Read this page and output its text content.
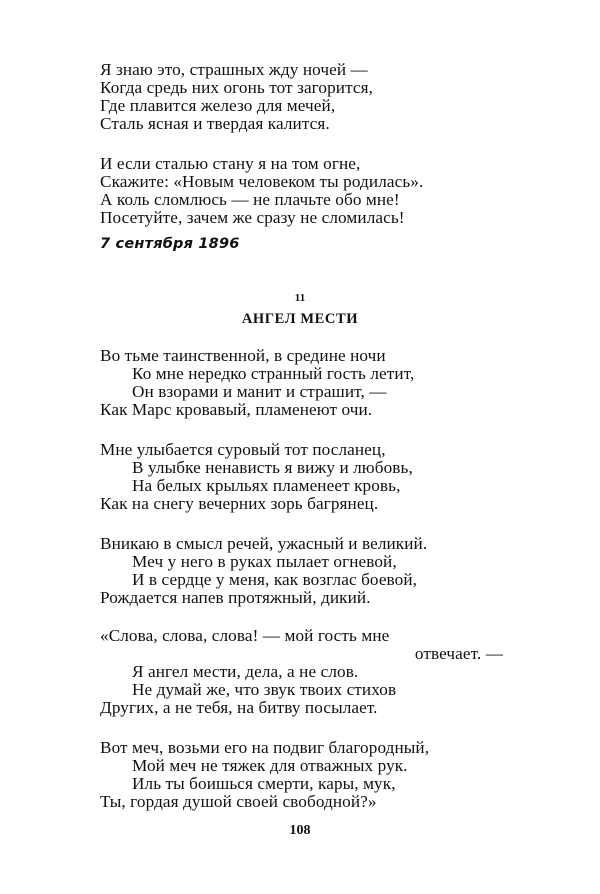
Я знаю это, страшных жду ночей —
Когда средь них огонь тот загорится,
Где плавится железо для мечей,
Сталь ясная и твердая калится.
И если сталью стану я на том огне,
Скажите: «Новым человеком ты родилась».
А коль сломлюсь — не плачьте обо мне!
Посетуйте, зачем же сразу не сломилась!
7 сентября 1896
11
АНГЕЛ МЕСТИ
Во тьме таинственной, в средине ночи
Ко мне нередко странный гость летит,
Он взорами и манит и страшит, —
Как Марс кровавый, пламенеют очи.
Мне улыбается суровый тот посланец,
В улыбке ненависть я вижу и любовь,
На белых крыльях пламенеет кровь,
Как на снегу вечерних зорь багрянец.
Вникаю в смысл речей, ужасный и великий.
Меч у него в руках пылает огневой,
И в сердце у меня, как возглас боевой,
Рождается напев протяжный, дикий.
«Слова, слова, слова! — мой гость мне
отвечает. —
Я ангел мести, дела, а не слов.
Не думай же, что звук твоих стихов
Других, а не тебя, на битву посылает.
Вот меч, возьми его на подвиг благородный,
Мой меч не тяжек для отважных рук.
Иль ты боишься смерти, кары, мук,
Ты, гордая душой своей свободной?»
108
